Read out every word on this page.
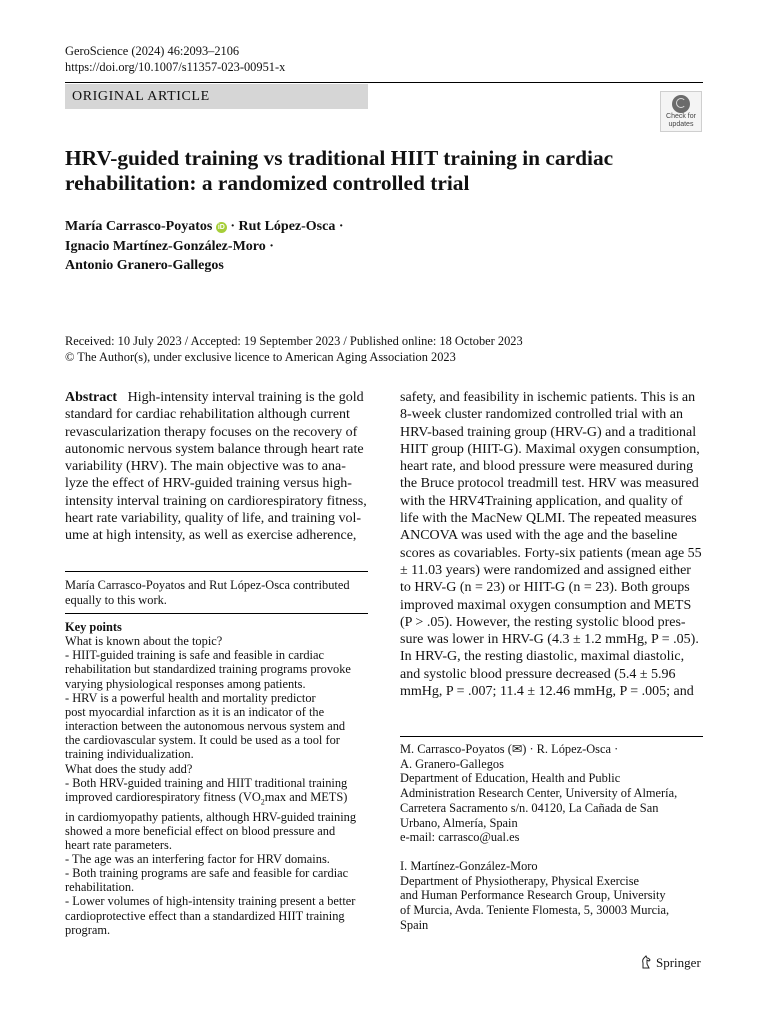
GeroScience (2024) 46:2093–2106
https://doi.org/10.1007/s11357-023-00951-x
ORIGINAL ARTICLE
Check for
updates
HRV-guided training vs traditional HIIT training in cardiac
rehabilitation: a randomized controlled trial
María Carrasco-Poyatos iD · Rut López-Osca ·
Ignacio Martínez-González-Moro ·
Antonio Granero-Gallegos
Received: 10 July 2023 / Accepted: 19 September 2023 / Published online: 18 October 2023
© The Author(s), under exclusive licence to American Aging Association 2023
Abstract High-intensity interval training is the gold
standard for cardiac rehabilitation although current
revascularization therapy focuses on the recovery of
autonomic nervous system balance through heart rate
variability (HRV). The main objective was to ana-
lyze the effect of HRV-guided training versus high-
intensity interval training on cardiorespiratory fitness,
heart rate variability, quality of life, and training vol-
ume at high intensity, as well as exercise adherence,
María Carrasco-Poyatos and Rut López-Osca contributed
equally to this work.
Key points
What is known about the topic?
- HIIT-guided training is safe and feasible in cardiac
rehabilitation but standardized training programs provoke
varying physiological responses among patients.
- HRV is a powerful health and mortality predictor
post myocardial infarction as it is an indicator of the
interaction between the autonomous nervous system and
the cardiovascular system. It could be used as a tool for
training individualization.
What does the study add?
- Both HRV-guided training and HIIT traditional training
improved cardiorespiratory fitness ($VO_2\max$ and METS)
in cardiomyopathy patients, although HRV-guided training
showed a more beneficial effect on blood pressure and
heart rate parameters.
- The age was an interfering factor for HRV domains.
- Both training programs are safe and feasible for cardiac
rehabilitation.
- Lower volumes of high-intensity training present a better
cardioprotective effect than a standardized HIIT training
program.
safety, and feasibility in ischemic patients. This is an
8-week cluster randomized controlled trial with an
HRV-based training group (HRV-G) and a traditional
HIIT group (HIIT-G). Maximal oxygen consumption,
heart rate, and blood pressure were measured during
the Bruce protocol treadmill test. HRV was measured
with the HRV4Training application, and quality of
life with the MacNew QLMI. The repeated measures
ANCOVA was used with the age and the baseline
scores as covariables. Forty-six patients (mean age 55
± 11.03 years) were randomized and assigned either
to HRV-G (n = 23) or HIIT-G (n = 23). Both groups
improved maximal oxygen consumption and METS
(P > .05). However, the resting systolic blood pres-
sure was lower in HRV-G (4.3 ± 1.2 mmHg, P = .05).
In HRV-G, the resting diastolic, maximal diastolic,
and systolic blood pressure decreased (5.4 ± 5.96
mmHg, P = .007; 11.4 ± 12.46 mmHg, P = .005; and

M. Carrasco-Poyatos (✉) · R. López-Osca ·

A. Granero-Gallegos

Department of Education, Health and Public

Administration Research Center, University of Almería,

Carretera Sacramento s/n. 04120, La Cañada de San

Urbano, Almería, Spain

e-mail: carrasco@ual.es

I. Martínez-González-Moro

Department of Physiotherapy, Physical Exercise

and Human Performance Research Group, University

of Murcia, Avda. Teniente Flomesta, 5, 30003 Murcia,

Spain

Springer
